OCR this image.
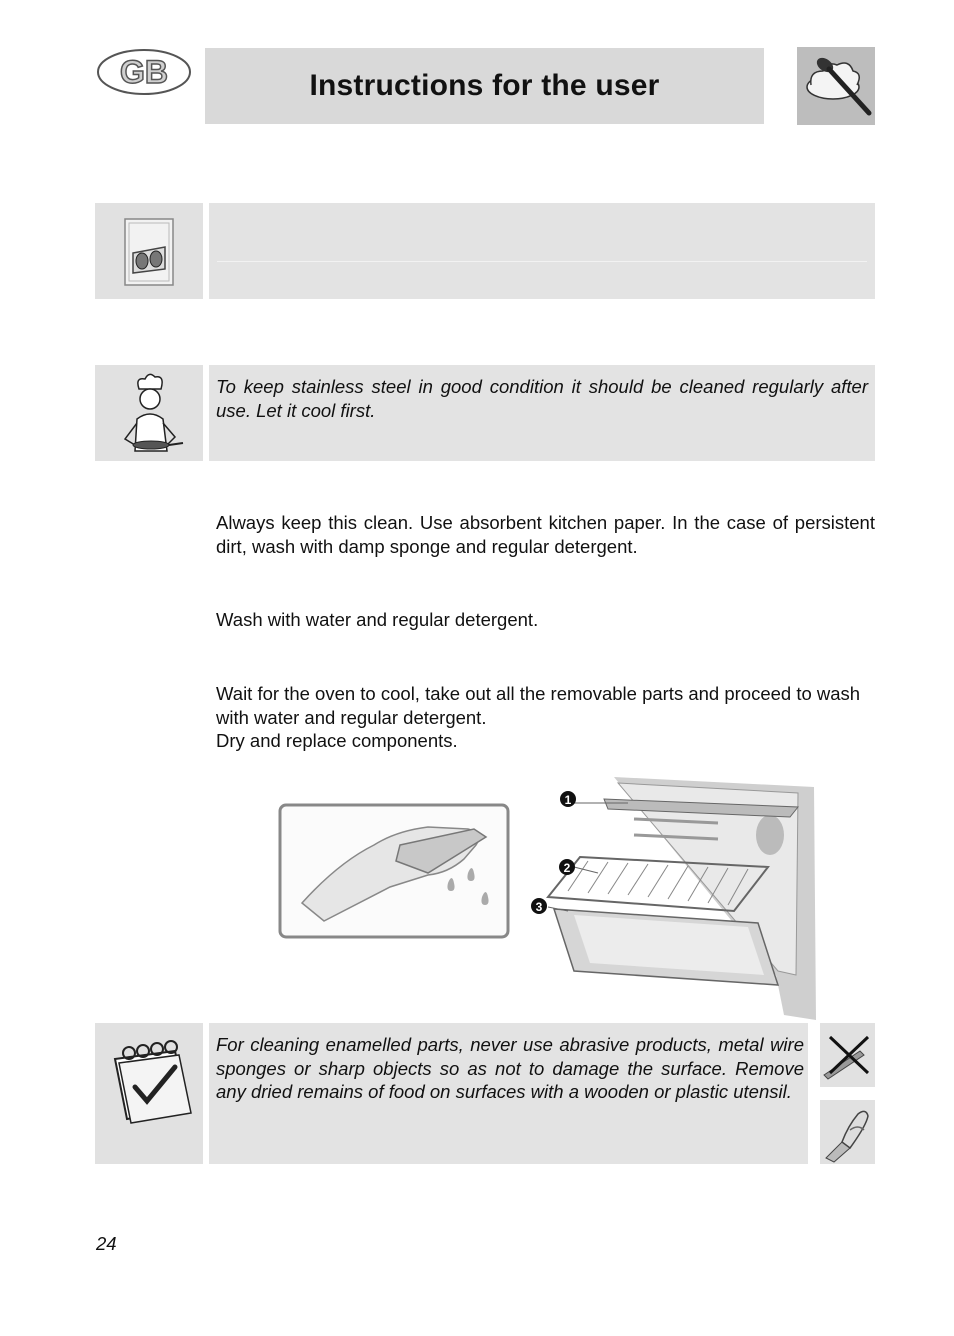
GB	Instructions for the user

To keep stainless steel in good condition it should be cleaned regularly after use. Let it cool first.

Always keep this clean. Use absorbent kitchen paper. In the case of persistent dirt, wash with damp sponge and regular detergent.

Wash with water and regular detergent.

Wait for the oven to cool, take out all the removable parts and proceed to wash with water and regular detergent.

Dry and replace components.

1
2
3

For cleaning enamelled parts, never use abrasive products, metal wire sponges or sharp objects so as not to damage the surface. Remove any dried remains of food on surfaces with a wooden or plastic utensil.

24
